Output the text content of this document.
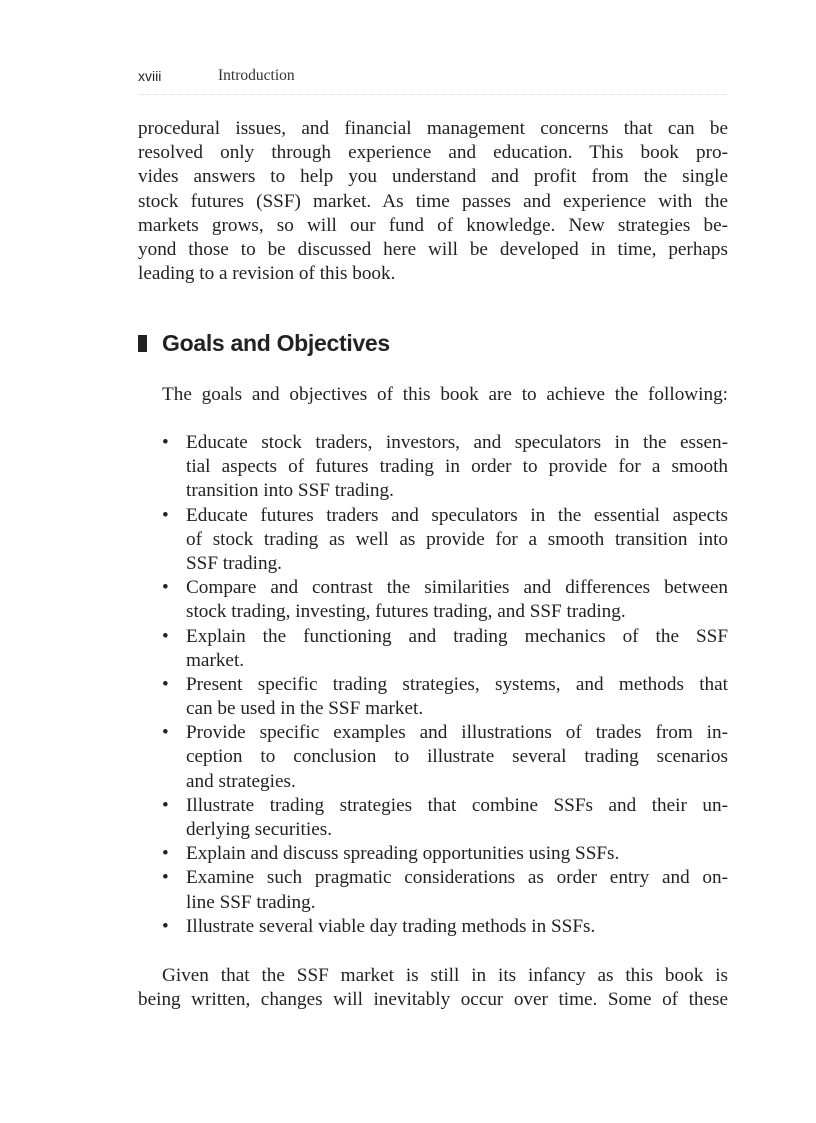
xviii	Introduction
procedural issues, and financial management concerns that can be
resolved only through experience and education. This book pro-
vides answers to help you understand and profit from the single
stock futures (SSF) market. As time passes and experience with the
markets grows, so will our fund of knowledge. New strategies be-
yond those to be discussed here will be developed in time, perhaps
leading to a revision of this book.
Goals and Objectives
The goals and objectives of this book are to achieve the following:
• Educate stock traders, investors, and speculators in the essen-
tial aspects of futures trading in order to provide for a smooth
transition into SSF trading.
• Educate futures traders and speculators in the essential aspects
of stock trading as well as provide for a smooth transition into
SSF trading.
• Compare and contrast the similarities and differences between
stock trading, investing, futures trading, and SSF trading.
• Explain the functioning and trading mechanics of the SSF
market.
• Present specific trading strategies, systems, and methods that
can be used in the SSF market.
• Provide specific examples and illustrations of trades from in-
ception to conclusion to illustrate several trading scenarios
and strategies.
• Illustrate trading strategies that combine SSFs and their un-
derlying securities.
• Explain and discuss spreading opportunities using SSFs.
• Examine such pragmatic considerations as order entry and on-
line SSF trading.
• Illustrate several viable day trading methods in SSFs.
Given that the SSF market is still in its infancy as this book is
being written, changes will inevitably occur over time. Some of these
